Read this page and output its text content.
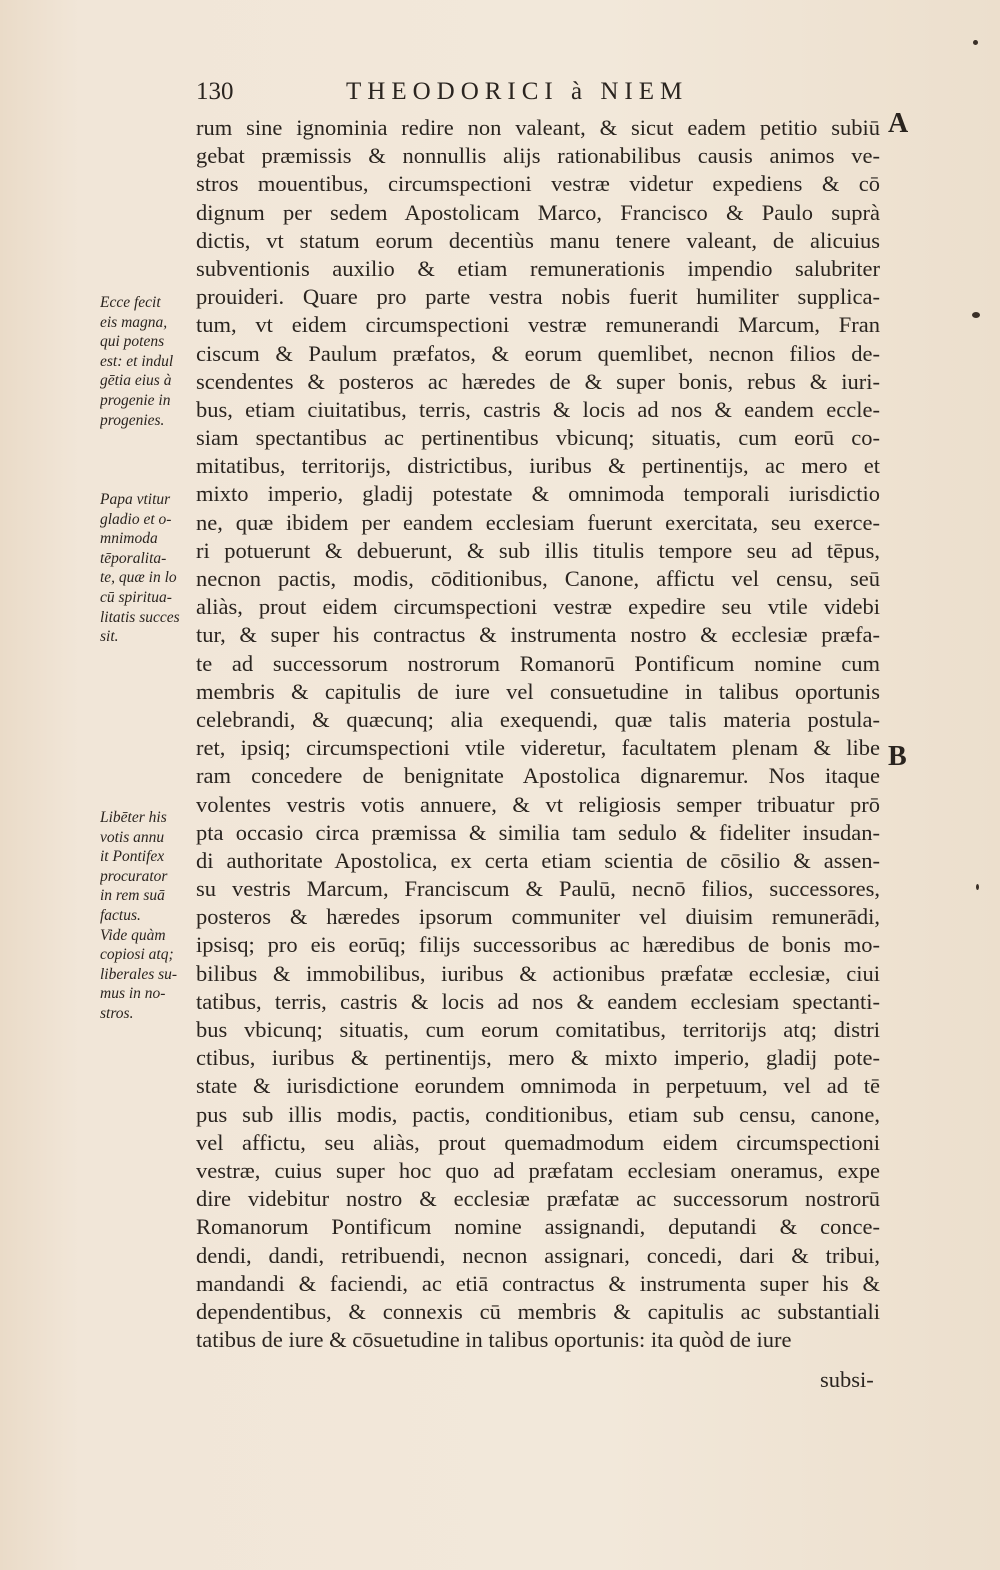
130	THEODORICI à NIEM
A
B
Ecce fecit
eis magna,
qui potens
est: et indul
gētia eius à
progenie in
progenies.
Papa vtitur
gladio et o-
mnimoda
tēporalita-
te, quæ in lo
cū spiritua-
litatis succes
sit.
Libēter his
votis annu
it Pontifex
procurator
in rem suā
factus.
Vide quàm
copiosi atq;
liberales su-
mus in no-
stros.
rum sine ignominia redire non valeant, & sicut eadem petitio subiū
gebat præmissis & nonnullis alijs rationabilibus causis animos ve-
stros mouentibus, circumspectioni vestræ videtur expediens & cō
dignum per sedem Apostolicam Marco, Francisco & Paulo suprà
dictis, vt statum eorum decentiùs manu tenere valeant, de alicuius
subventionis auxilio & etiam remunerationis impendio salubriter
prouideri. Quare pro parte vestra nobis fuerit humiliter supplica-
tum, vt eidem circumspectioni vestræ remunerandi Marcum, Fran
ciscum & Paulum præfatos, & eorum quemlibet, necnon filios de-
scendentes & posteros ac hæredes de & super bonis, rebus & iuri-
bus, etiam ciuitatibus, terris, castris & locis ad nos & eandem eccle-
siam spectantibus ac pertinentibus vbicunq; situatis, cum eorū co-
mitatibus, territorijs, districtibus, iuribus & pertinentijs, ac mero et
mixto imperio, gladij potestate & omnimoda temporali iurisdictio
ne, quæ ibidem per eandem ecclesiam fuerunt exercitata, seu exerce-
ri potuerunt & debuerunt, & sub illis titulis tempore seu ad tēpus,
necnon pactis, modis, cōditionibus, Canone, affictu vel censu, seū
aliàs, prout eidem circumspectioni vestræ expedire seu vtile videbi
tur, & super his contractus & instrumenta nostro & ecclesiæ præfa-
te ad successorum nostrorum Romanorū Pontificum nomine cum
membris & capitulis de iure vel consuetudine in talibus oportunis
celebrandi, & quæcunq; alia exequendi, quæ talis materia postula-
ret, ipsiq; circumspectioni vtile videretur, facultatem plenam & libe
ram concedere de benignitate Apostolica dignaremur. Nos itaque
volentes vestris votis annuere, & vt religiosis semper tribuatur prō
pta occasio circa præmissa & similia tam sedulo & fideliter insudan-
di authoritate Apostolica, ex certa etiam scientia de cōsilio & assen-
su vestris Marcum, Franciscum & Paulū, necnō filios, successores,
posteros & hæredes ipsorum communiter vel diuisim remunerādi,
ipsisq; pro eis eorūq; filijs successoribus ac hæredibus de bonis mo-
bilibus & immobilibus, iuribus & actionibus præfatæ ecclesiæ, ciui
tatibus, terris, castris & locis ad nos & eandem ecclesiam spectanti-
bus vbicunq; situatis, cum eorum comitatibus, territorijs atq; distri
ctibus, iuribus & pertinentijs, mero & mixto imperio, gladij pote-
state & iurisdictione eorundem omnimoda in perpetuum, vel ad tē
pus sub illis modis, pactis, conditionibus, etiam sub censu, canone,
vel affictu, seu aliàs, prout quemadmodum eidem circumspectioni
vestræ, cuius super hoc quo ad præfatam ecclesiam oneramus, expe
dire videbitur nostro & ecclesiæ præfatæ ac successorum nostrorū
Romanorum Pontificum nomine assignandi, deputandi & conce-
dendi, dandi, retribuendi, necnon assignari, concedi, dari & tribui,
mandandi & faciendi, ac etiā contractus & instrumenta super his &
dependentibus, & connexis cū membris & capitulis ac substantiali
tatibus de iure & cōsuetudine in talibus oportunis: ita quòd de iure
subsi-
